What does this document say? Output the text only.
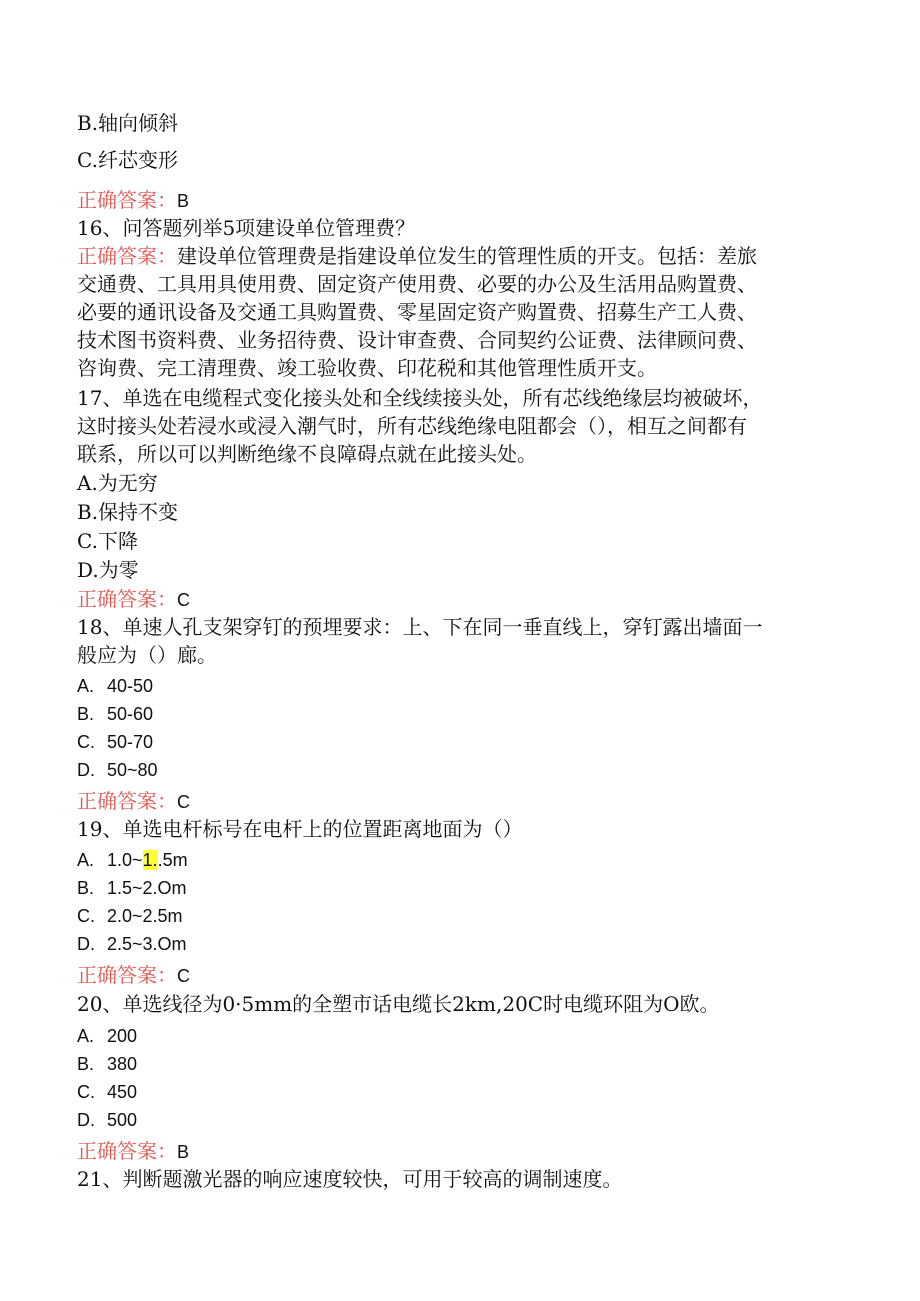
B.轴向倾斜
C.纤芯变形
正确答案：B
16、问答题列举5项建设单位管理费？
正确答案：建设单位管理费是指建设单位发生的管理性质的开支。包括：差旅
交通费、工具用具使用费、固定资产使用费、必要的办公及生活用品购置费、
必要的通讯设备及交通工具购置费、零星固定资产购置费、招募生产工人费、
技术图书资料费、业务招待费、设计审查费、合同契约公证费、法律顾问费、
咨询费、完工清理费、竣工验收费、印花税和其他管理性质开支。
17、单选在电缆程式变化接头处和全线续接头处，所有芯线绝缘层均被破坏，
这时接头处若浸水或浸入潮气时，所有芯线绝缘电阻都会（），相互之间都有
联系，所以可以判断绝缘不良障碍点就在此接头处。
A.为无穷
B.保持不变
C.下降
D.为零
正确答案：C
18、单速人孔支架穿钉的预埋要求：上、下在同一垂直线上，穿钉露出墙面一
般应为（）廊。
A. 40-50
B. 50-60
C. 50-70
D. 50~80
正确答案：C
19、单选电杆标号在电杆上的位置距离地面为（）
A. 1.0~1..5m
B. 1.5~2.Om
C. 2.0~2.5m
D. 2.5~3.Om
正确答案：C
20、单选线径为0·5mm的全塑市话电缆长2km,20C时电缆环阻为O欧。
A. 200
B. 380
C. 450
D. 500
正确答案：B
21、判断题激光器的响应速度较快，可用于较高的调制速度。
